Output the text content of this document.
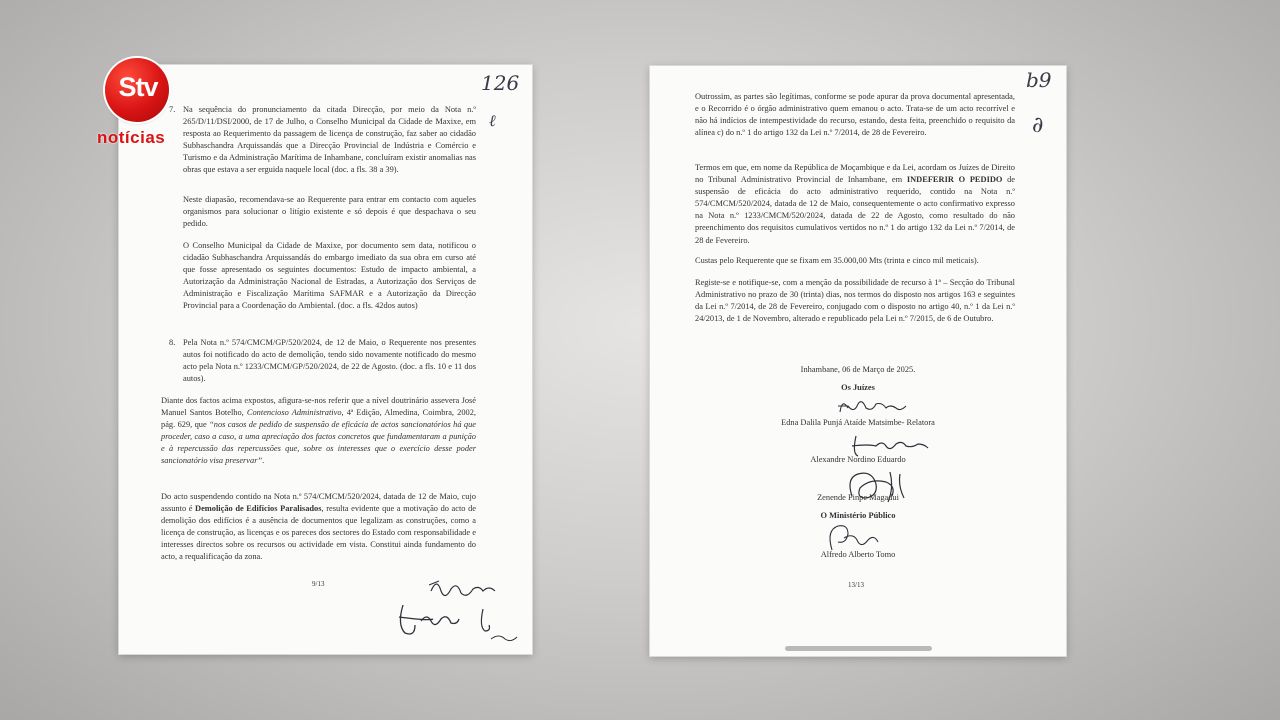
126
ℓ
7. Na sequência do pronunciamento da citada Direcção, por meio da Nota n.º 265/D/11/DSI/2000, de 17 de Julho, o Conselho Municipal da Cidade de Maxixe, em resposta ao Requerimento da passagem de licença de construção, faz saber ao cidadão Subhaschandra Arquissandás que a Direcção Provincial de Indústria e Comércio e Turismo e da Administração Marítima de Inhambane, concluíram existir anomalias nas obras que estava a ser erguida naquele local (doc. a fls. 38 a 39).

Neste diapasão, recomendava-se ao Requerente para entrar em contacto com aqueles organismos para solucionar o litígio existente e só depois é que despachava o seu pedido.

O Conselho Municipal da Cidade de Maxixe, por documento sem data, notificou o cidadão Subhaschandra Arquissandás do embargo imediato da sua obra em curso até que fosse apresentado os seguintes documentos: Estudo de impacto ambiental, a Autorização da Administração Nacional de Estradas, a Autorização dos Serviços de Administração e Fiscalização Marítima SAFMAR e a Autorização da Direcção Provincial para a Coordenação do Ambiental. (doc. a fls. 42dos autos)

8. Pela Nota n.º 574/CMCM/GP/520/2024, de 12 de Maio, o Requerente nos presentes autos foi notificado do acto de demolição, tendo sido novamente notificado do mesmo acto pela Nota n.º 1233/CMCM/GP/520/2024, de 22 de Agosto. (doc. a fls. 10 e 11 dos autos).

Diante dos factos acima expostos, afigura-se-nos referir que a nível doutrinário assevera José Manuel Santos Botelho, Contencioso Administrativo, 4ª Edição, Almedina, Coimbra, 2002, pág. 629, que “nos casos de pedido de suspensão de eficácia de actos sancionatórios há que proceder, caso a caso, a uma apreciação dos factos concretos que fundamentaram a punição e à repercussão das repercussões que, sobre os interesses que o exercício desse poder sancionatório visa preservar”.

Do acto suspendendo contido na Nota n.º 574/CMCM/520/2024, datada de 12 de Maio, cujo assunto é Demolição de Edifícios Paralisados, resulta evidente que a motivação do acto de demolição dos edifícios é a ausência de documentos que legalizam as construções, como a licença de construção, as licenças e os pareces dos sectores do Estado com responsabilidade e interesses directos sobre os recursos ou actividade em vista. Constitui ainda fundamento do acto, a requalificação da zona.

9/13
b9
∂

Outrossim, as partes são legítimas, conforme se pode apurar da prova documental apresentada, e o Recorrido é o órgão administrativo quem emanou o acto. Trata-se de um acto recorrível e não há indícios de intempestividade do recurso, estando, desta feita, preenchido o requisito da alínea c) do n.º 1 do artigo 132 da Lei n.º 7/2014, de 28 de Fevereiro.

Termos em que, em nome da República de Moçambique e da Lei, acordam os Juízes de Direito no Tribunal Administrativo Provincial de Inhambane, em INDEFERIR O PEDIDO de suspensão de eficácia do acto administrativo requerido, contido na Nota n.º 574/CMCM/520/2024, datada de 12 de Maio, consequentemente o acto confirmativo expresso na Nota n.º 1233/CMCM/520/2024, datada de 22 de Agosto, como resultado do não preenchimento dos requisitos cumulativos vertidos no n.º 1 do artigo 132 da Lei n.º 7/2014, de 28 de Fevereiro.

Custas pelo Requerente que se fixam em 35.000,00 Mts (trinta e cinco mil meticais).

Registe-se e notifique-se, com a menção da possibilidade de recurso à 1ª – Secção do Tribunal Administrativo no prazo de 30 (trinta) dias, nos termos do disposto nos artigos 163 e seguintes da Lei n.º 7/2014, de 28 de Fevereiro, conjugado com o disposto no artigo 40, n.º 1 da Lei n.º 24/2013, de 1 de Novembro, alterado e republicado pela Lei n.º 7/2015, de 6 de Outubro.

Inhambane, 06 de Março de 2025.
Os Juízes
Edna Dalila Punjá Ataíde Matsimbe- Relatora
Alexandre Nordino Eduardo
Zenende Pinpe Magadui
O Ministério Público
Alfredo Alberto Tomo
13/13
Stv
notícias
